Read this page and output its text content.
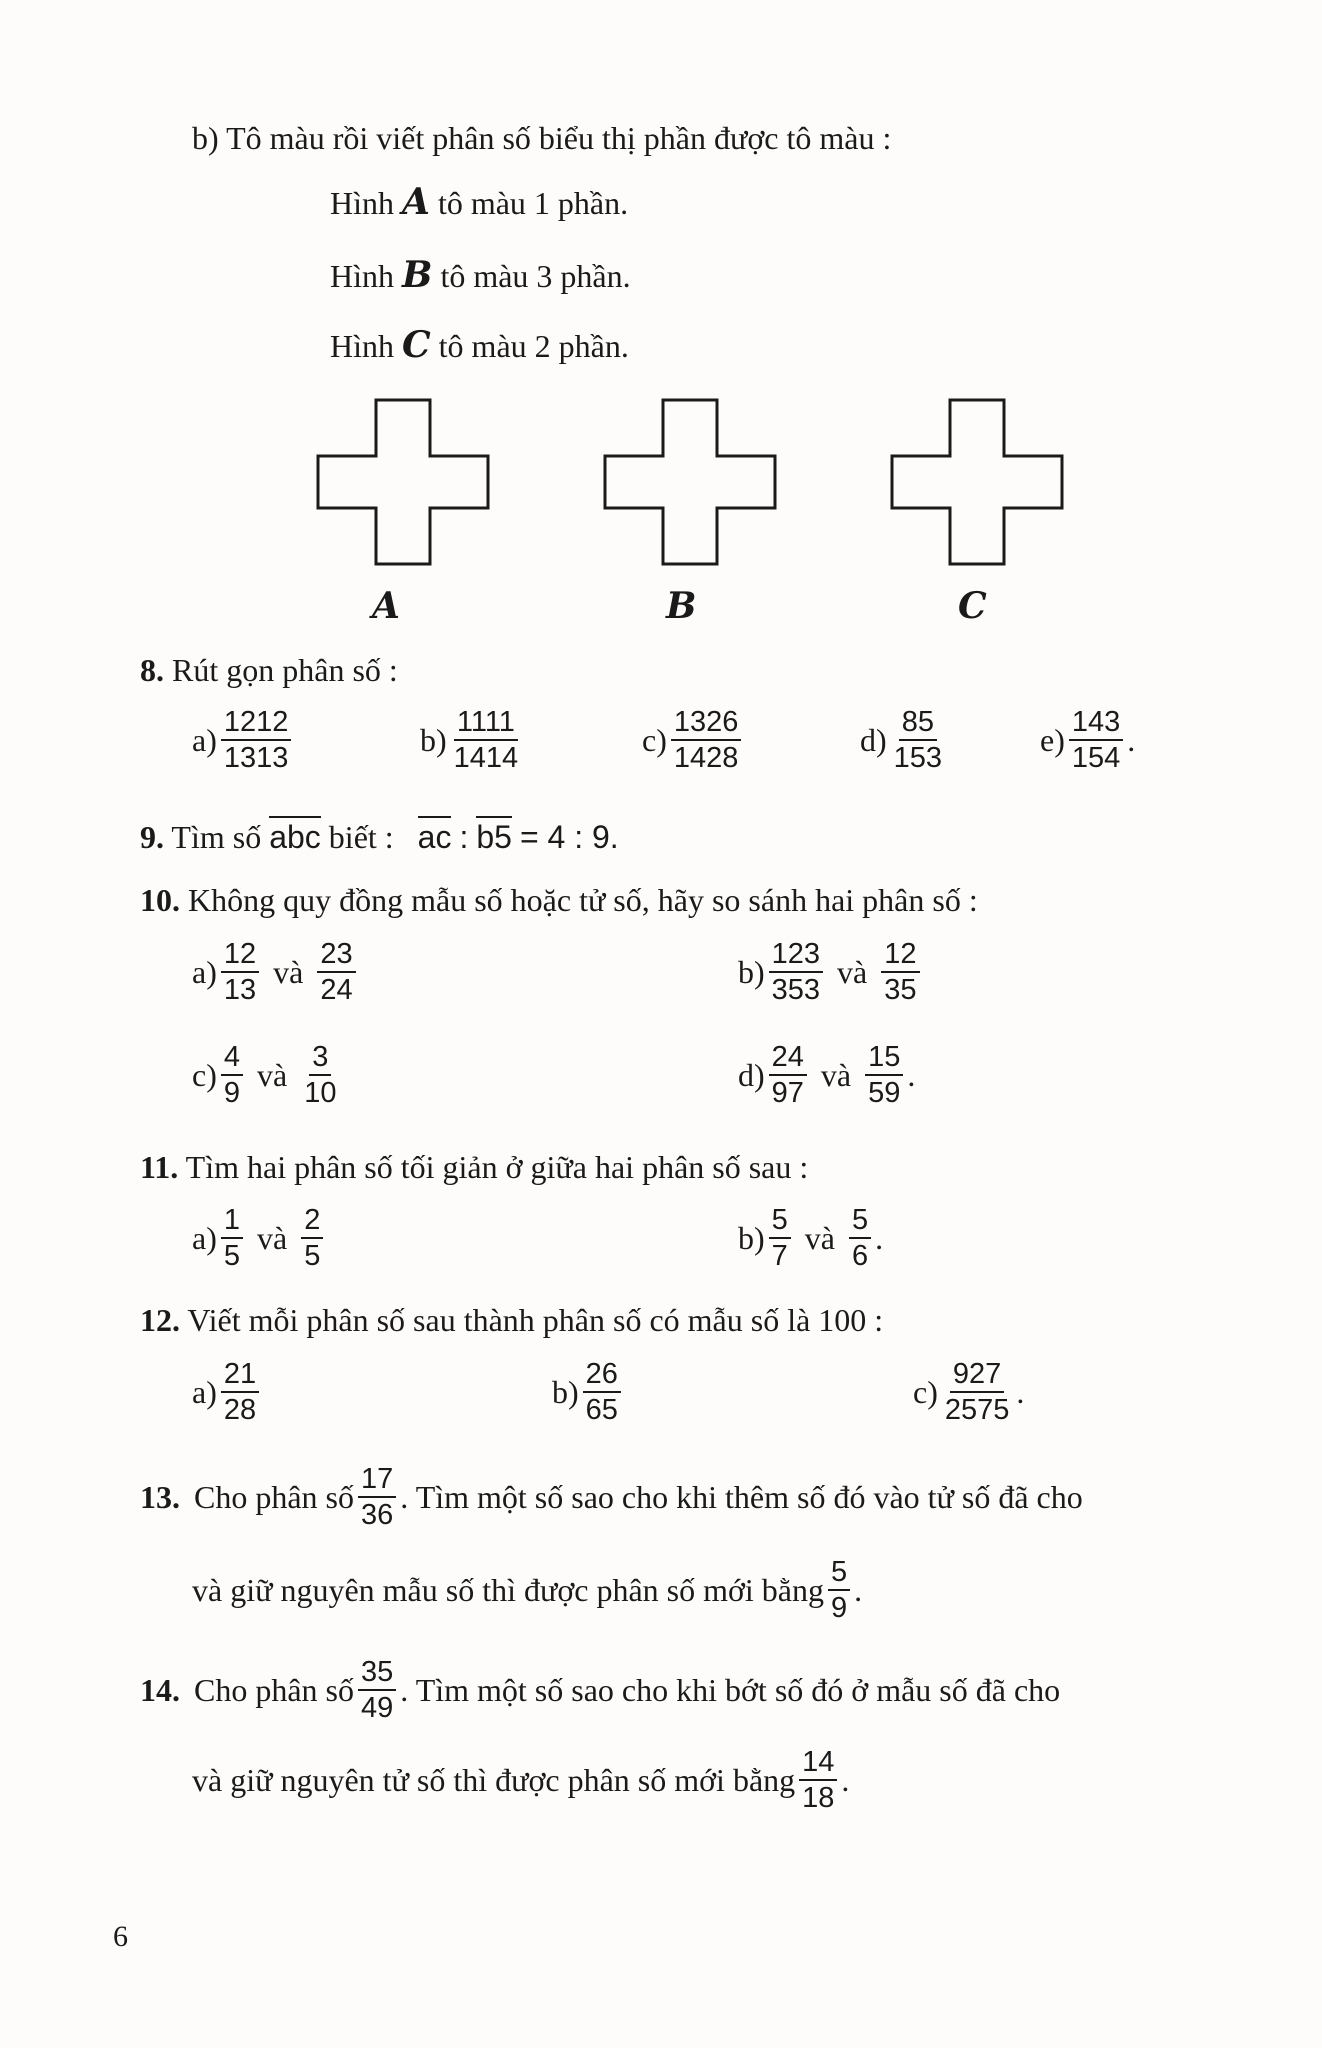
b) Tô màu rồi viết phân số biểu thị phần được tô màu :
Hình A tô màu 1 phần.
Hình B tô màu 3 phần.
Hình C tô màu 2 phần.
A	B	C
8. Rút gọn phân số :
$a) \frac{1212}{1313}$	$b) \frac{1111}{1414}$	$c) \frac{1326}{1428}$	$d) \frac{85}{153}$	$e) \frac{143}{154}$ .
9. Tìm số abc biết : ac : b5 = 4 : 9.
10. Không quy đồng mẫu số hoặc tử số, hãy so sánh hai phân số :
$a) \frac{12}{13}$ và $\frac{23}{24}$	$b) \frac{123}{353}$ và $\frac{12}{35}$
$c) \frac{4}{9}$ và $\frac{3}{10}$	$d) \frac{24}{97}$ và $\frac{15}{59}$ .
11. Tìm hai phân số tối giản ở giữa hai phân số sau :
$a) \frac{1}{5}$ và $\frac{2}{5}$	$b) \frac{5}{7}$ và $\frac{5}{6}$ .
12. Viết mỗi phân số sau thành phân số có mẫu số là 100 :
$a) \frac{21}{28}$	$b) \frac{26}{65}$	$c) \frac{927}{2575}$ .
13. Cho phân số $\frac{17}{36}$ . Tìm một số sao cho khi thêm số đó vào tử số đã cho
và giữ nguyên mẫu số thì được phân số mới bằng $\frac{5}{9}$ .
14. Cho phân số $\frac{35}{49}$ . Tìm một số sao cho khi bớt số đó ở mẫu số đã cho
và giữ nguyên tử số thì được phân số mới bằng $\frac{14}{18}$ .
6
